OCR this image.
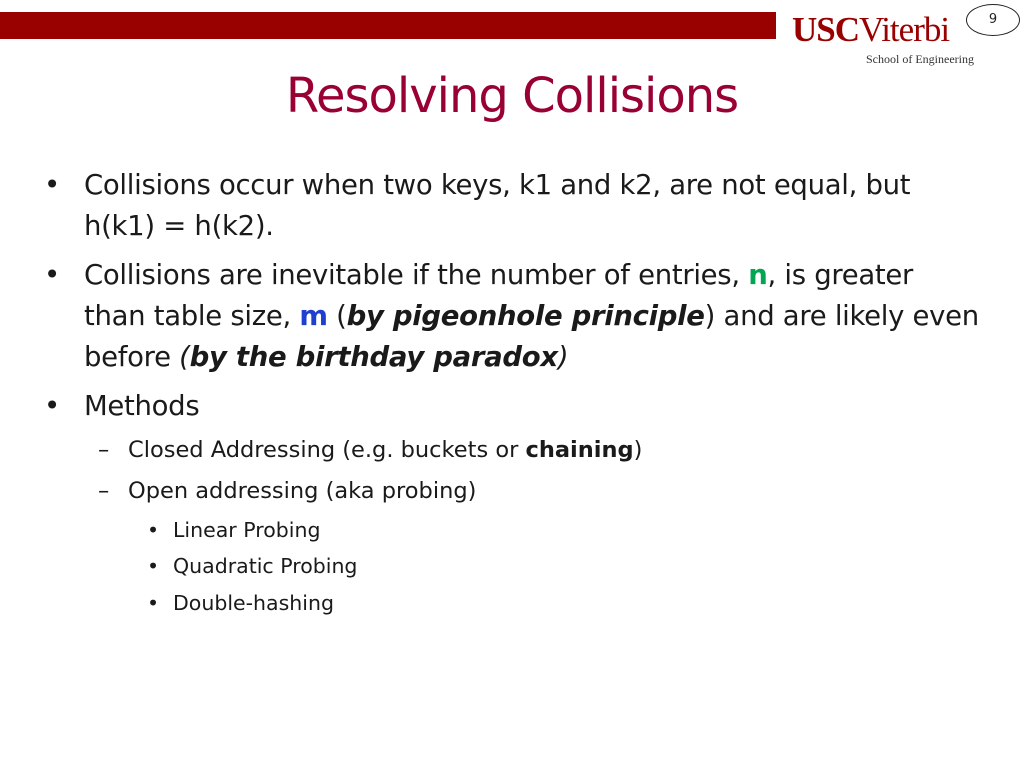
USCViterbi
School of Engineering
9
Resolving Collisions
• Collisions occur when two keys, k1 and k2, are not equal, but
h(k1) = h(k2).
• Collisions are inevitable if the number of entries, n, is greater
than table size, m (by pigeonhole principle) and are likely even
before (by the birthday paradox)
• Methods
– Closed Addressing (e.g. buckets or chaining)
– Open addressing (aka probing)
• Linear Probing
• Quadratic Probing
• Double-hashing
